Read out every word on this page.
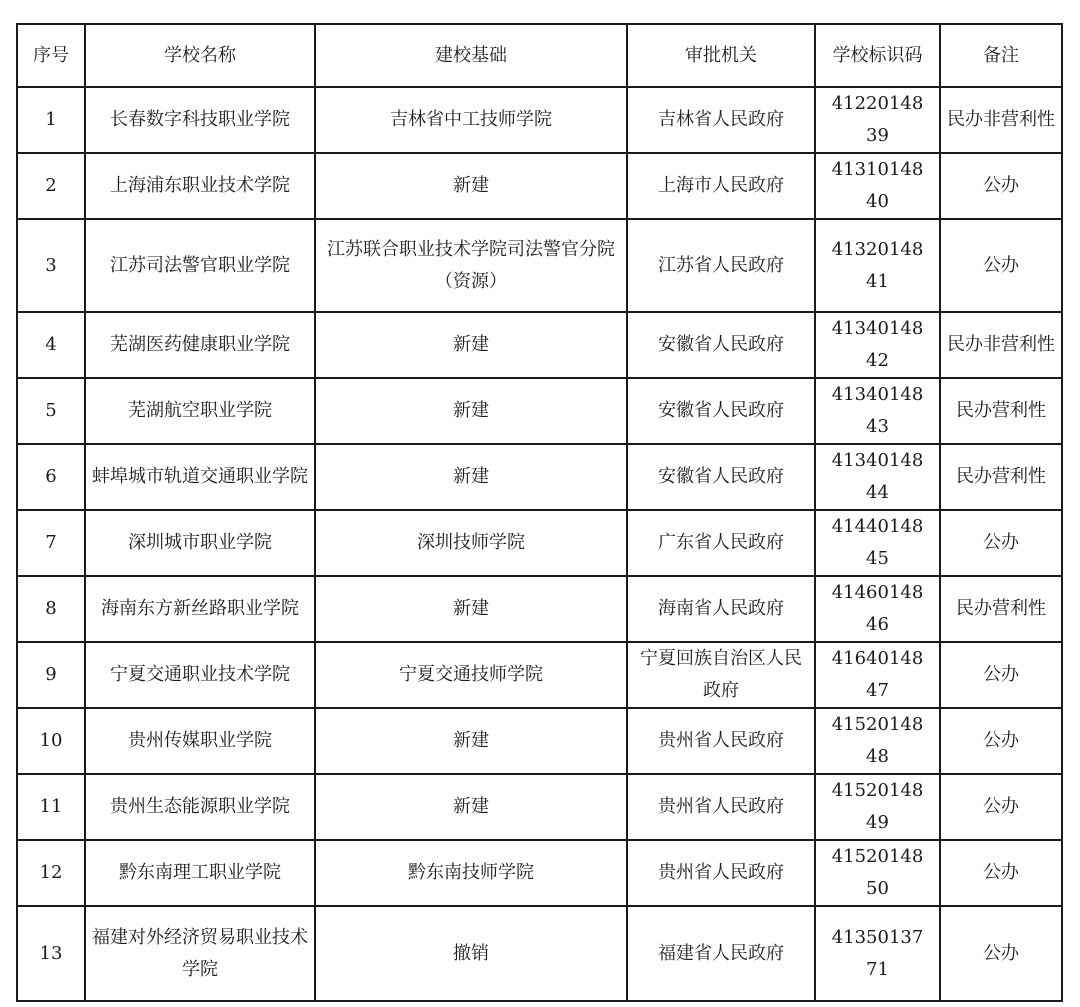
序号	学校名称	建校基础	审批机关	学校标识码	备注
1	长春数字科技职业学院	吉林省中工技师学院	吉林省人民政府	4122014839	民办非营利性
2	上海浦东职业技术学院	新建	上海市人民政府	4131014840	公办
3	江苏司法警官职业学院	江苏联合职业技术学院司法警官分院（资源）	江苏省人民政府	4132014841	公办
4	芜湖医药健康职业学院	新建	安徽省人民政府	4134014842	民办非营利性
5	芜湖航空职业学院	新建	安徽省人民政府	4134014843	民办营利性
6	蚌埠城市轨道交通职业学院	新建	安徽省人民政府	4134014844	民办营利性
7	深圳城市职业学院	深圳技师学院	广东省人民政府	4144014845	公办
8	海南东方新丝路职业学院	新建	海南省人民政府	4146014846	民办营利性
9	宁夏交通职业技术学院	宁夏交通技师学院	宁夏回族自治区人民政府	4164014847	公办
10	贵州传媒职业学院	新建	贵州省人民政府	4152014848	公办
11	贵州生态能源职业学院	新建	贵州省人民政府	4152014849	公办
12	黔东南理工职业学院	黔东南技师学院	贵州省人民政府	4152014850	公办
13	福建对外经济贸易职业技术学院	撤销	福建省人民政府	4135013771	公办
